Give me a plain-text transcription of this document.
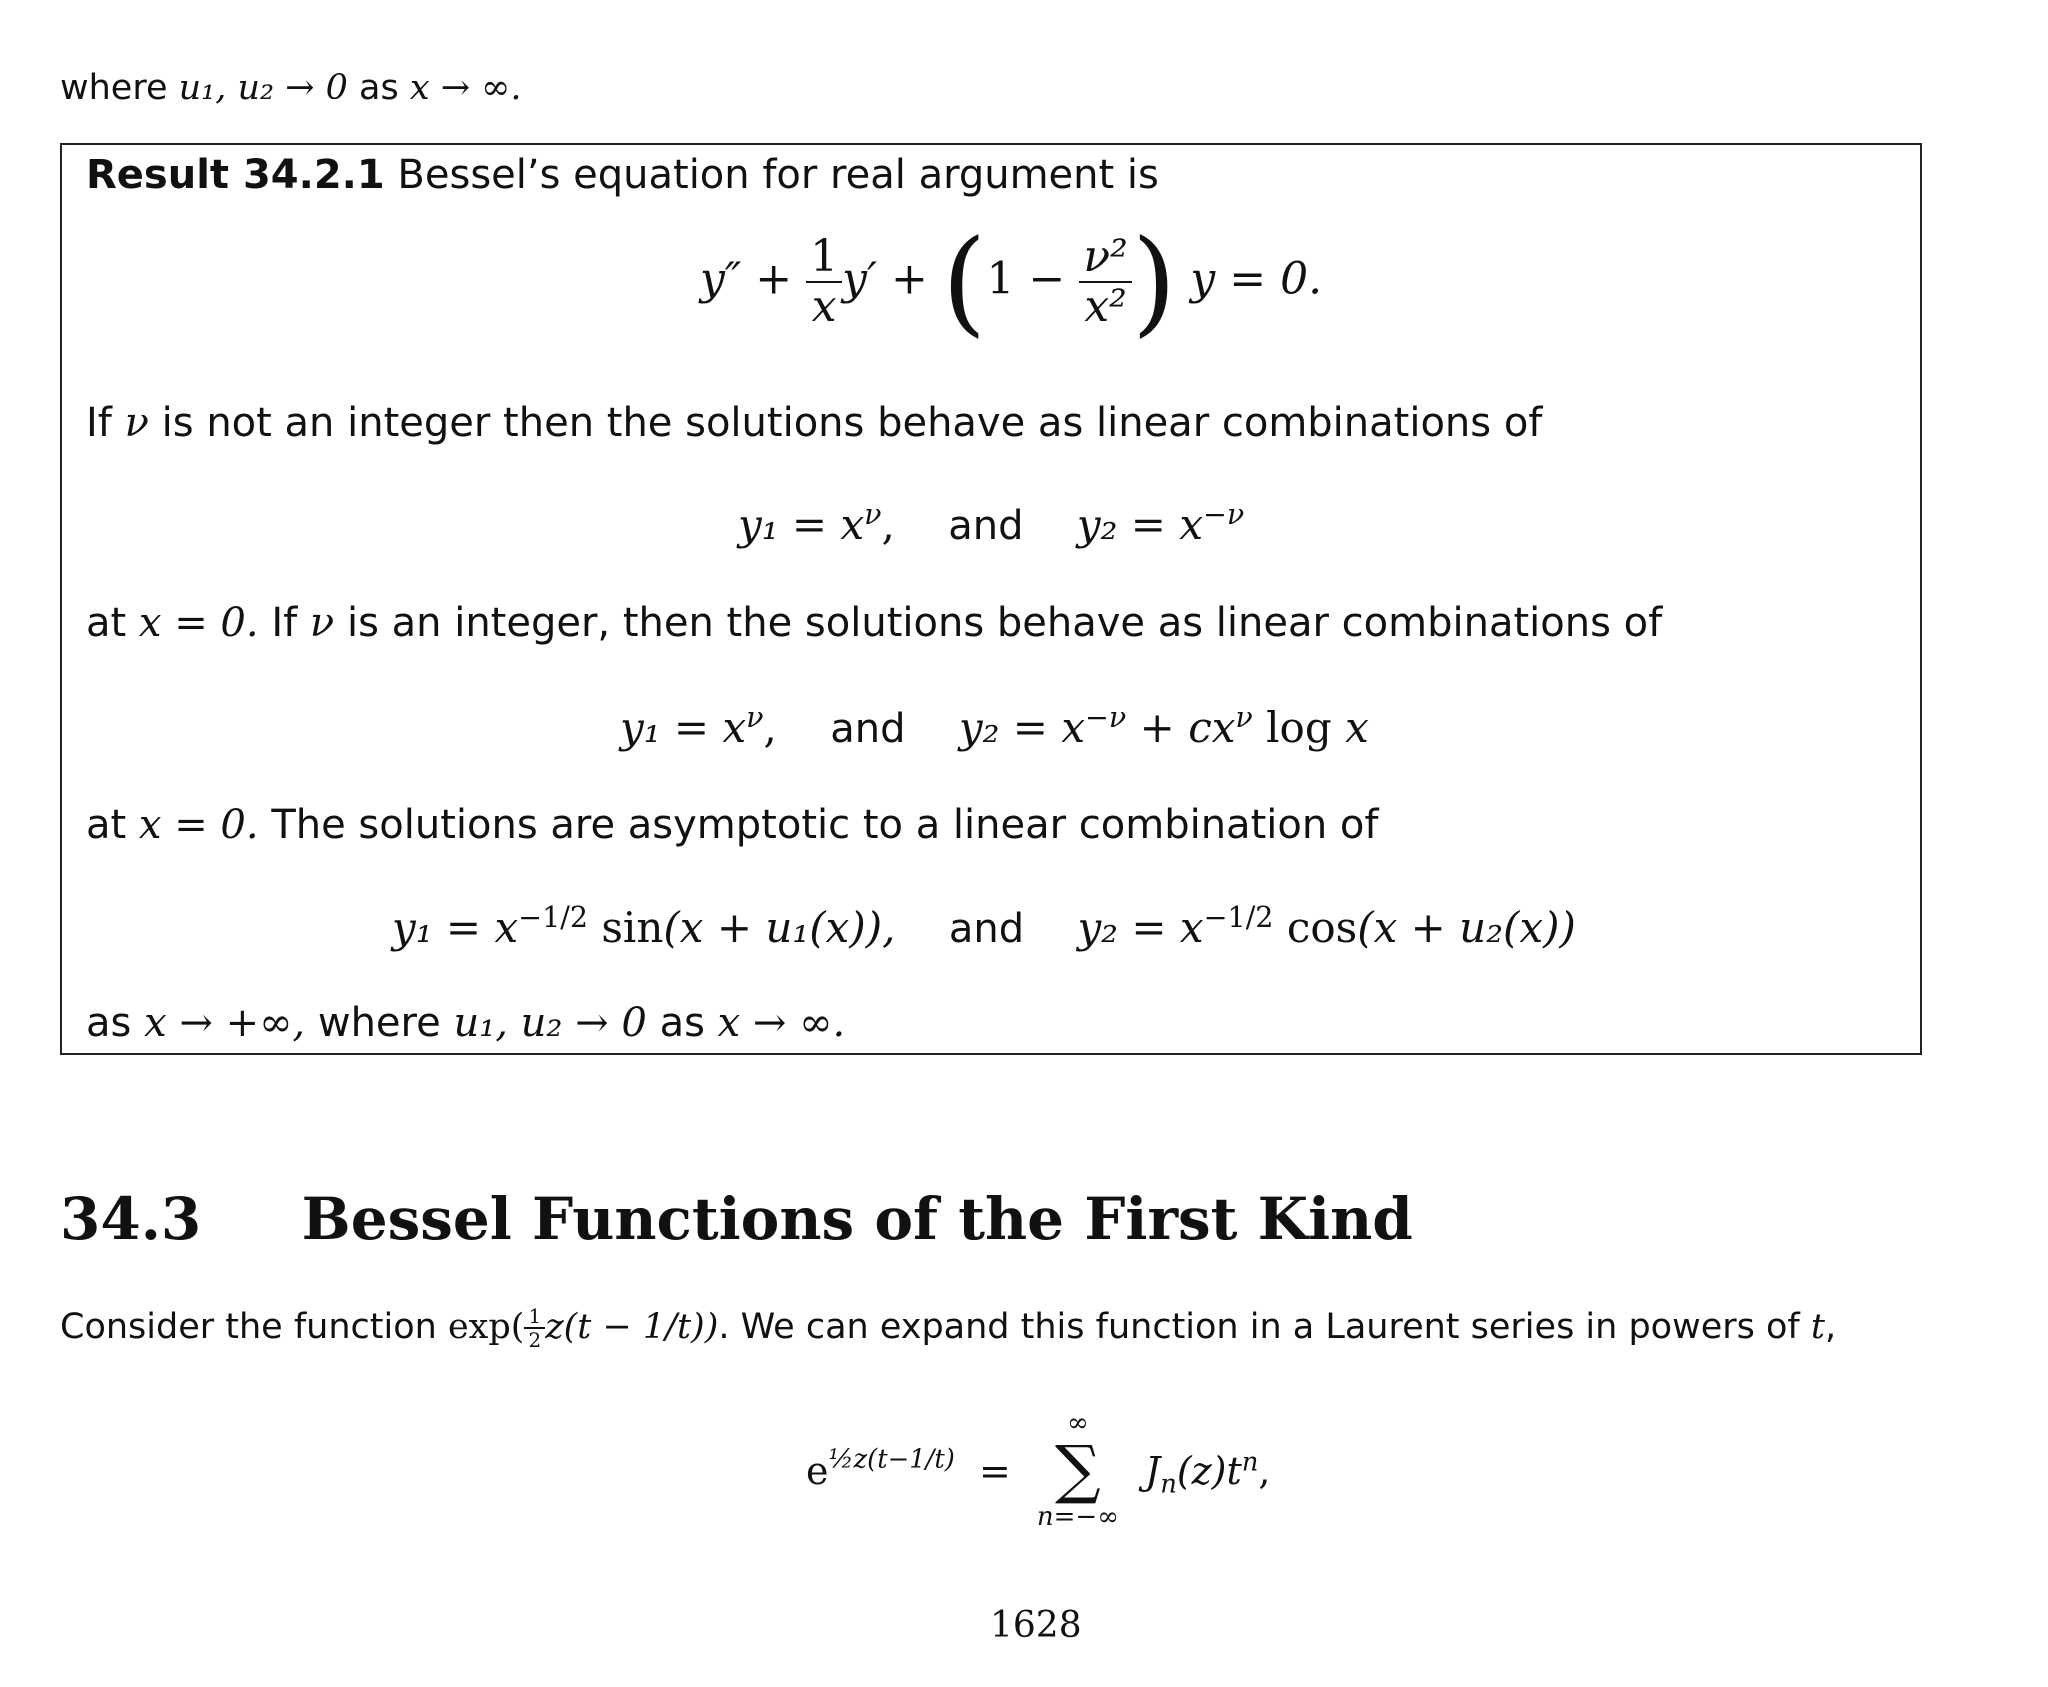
where u₁, u₂ → 0 as x → ∞.
Result 34.2.1 Bessel’s equation for real argument is
$y'' + \frac{1}{x} y' + (1 - \frac{\text{ν²}}{\text{x²}}$ ) y = 0.
If ν is not an integer then the solutions behave as linear combinations of
$y_1 = x^\nu$, and $y_2 = x^{-\nu}$
at x = 0. If ν is an integer, then the solutions behave as linear combinations of
$y_1 = x^\nu$, and $y_2 = x^{-\nu} + cx^\nu$ log x
at x = 0. The solutions are asymptotic to a linear combination of
$y_1 = x^{-1/2}$ sin(x + u₁(x)), and $y_2 = x^{-1/2}$ cos(x + u₂(x))
as x → +∞, where u₁, u₂ → 0 as x → ∞.
34.3 Bessel Functions of the First Kind
Consider the function $\exp( \frac{1}{2} z(t - 1/t))$. We can expand this function in a Laurent series in powers of t,
$e^{\frac{1}{2}z(t-1/t)}$ =
∞
∑
n=−∞
$J_n(z)t^n$,
1628
